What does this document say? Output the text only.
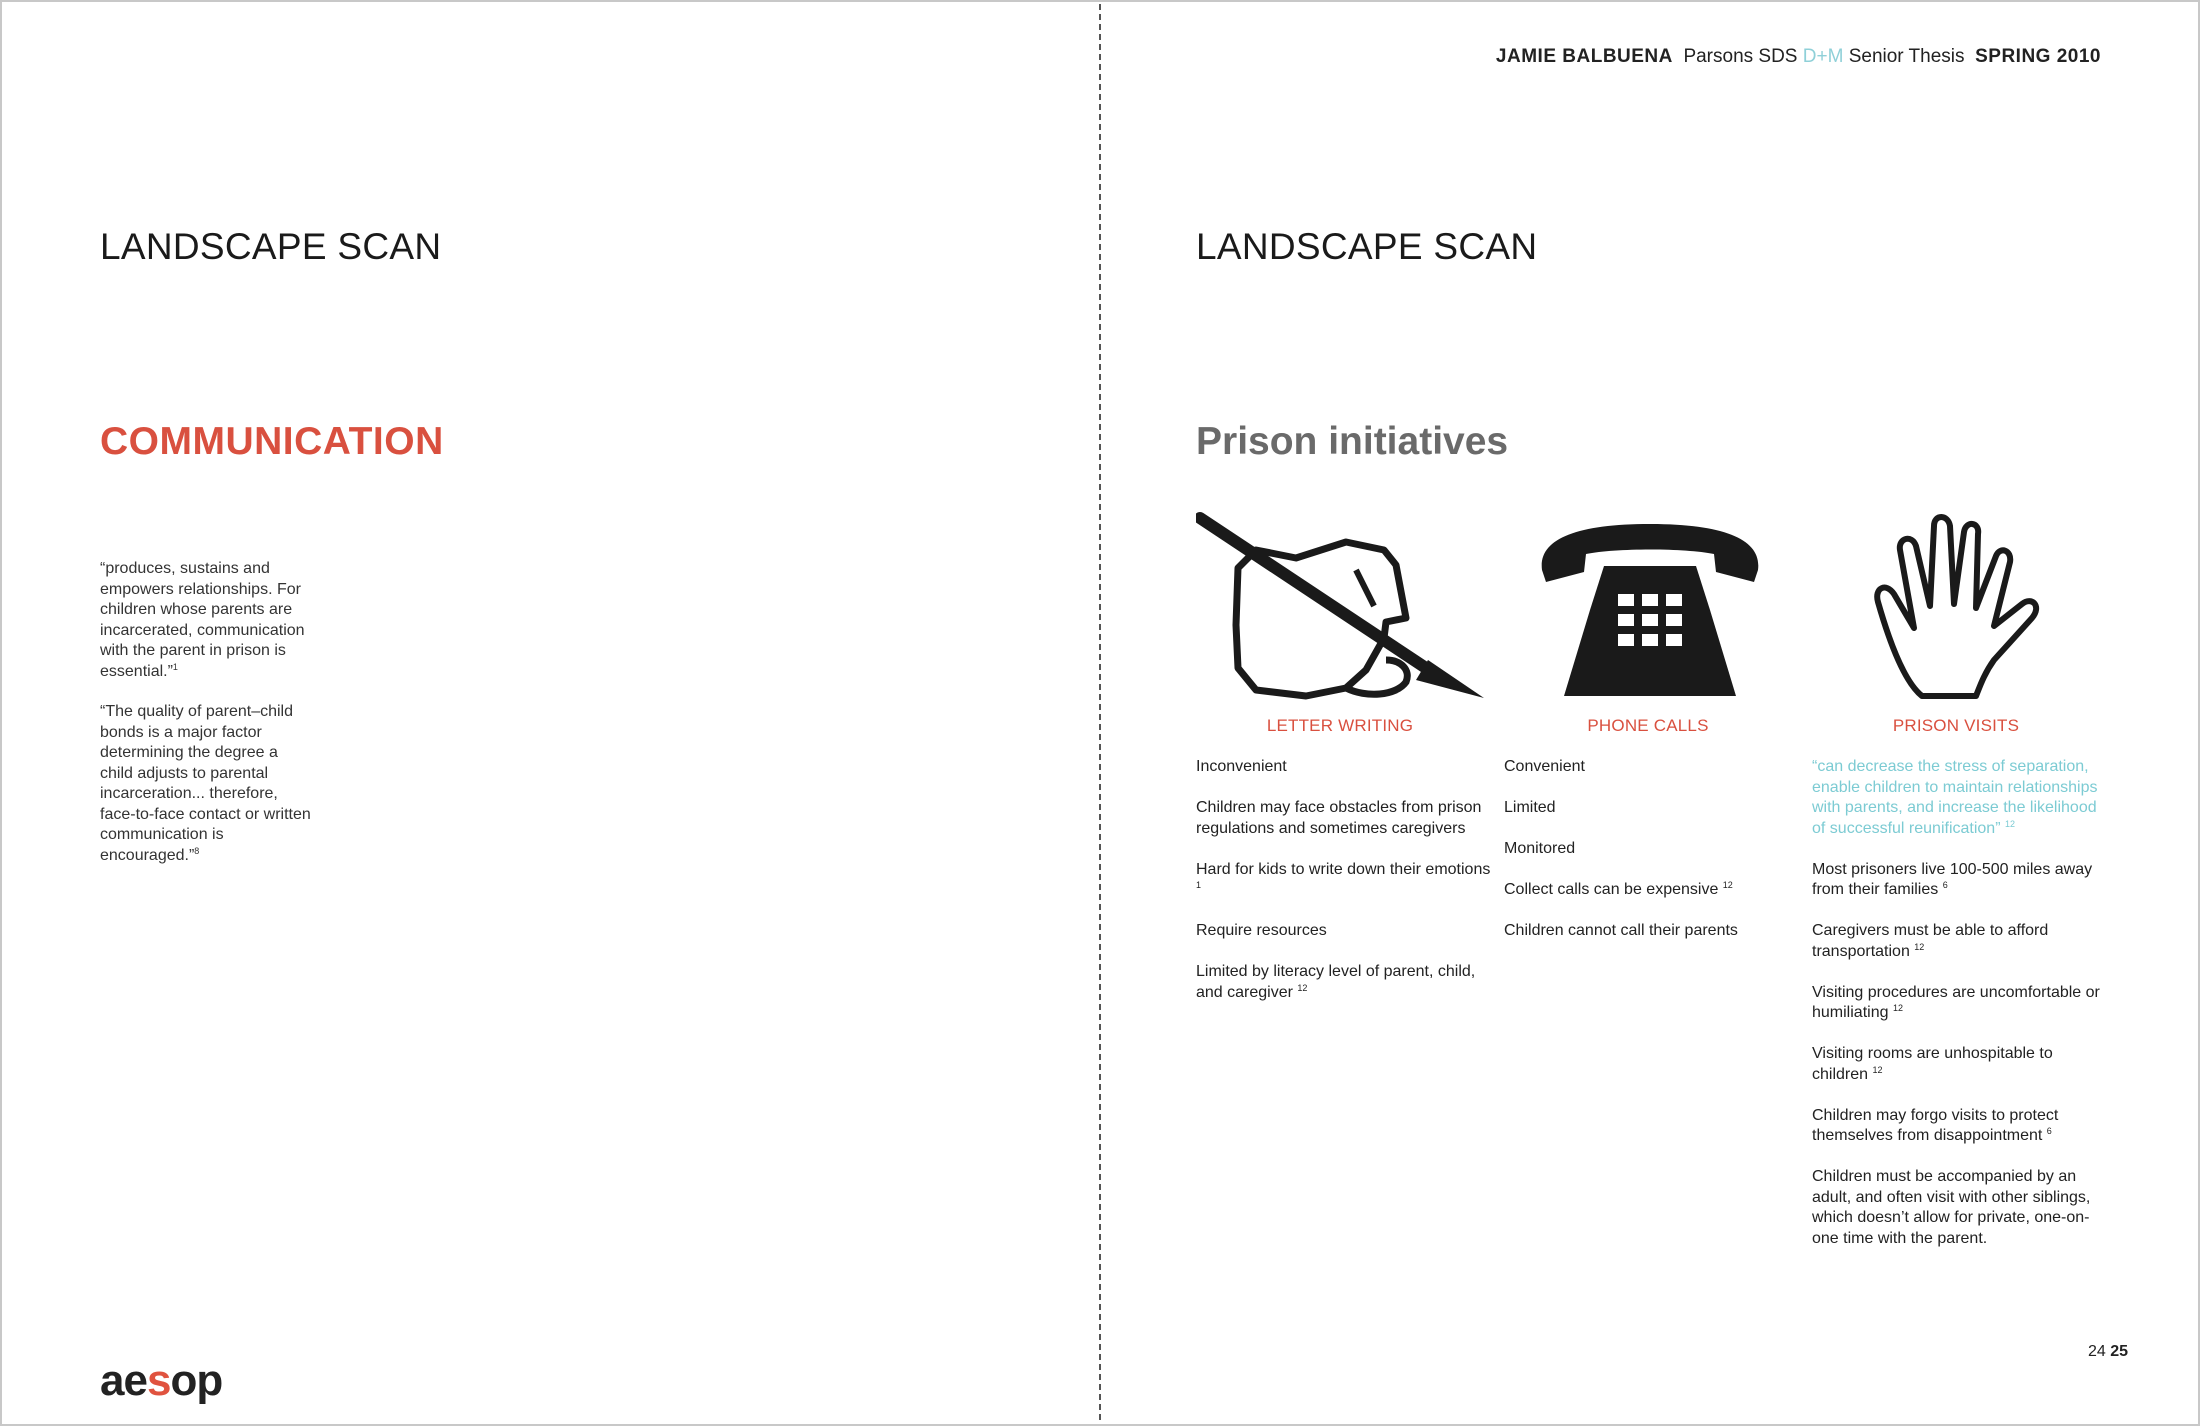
JAMIE BALBUENA Parsons SDS D+M Senior Thesis SPRING 2010
LANDSCAPE SCAN
COMMUNICATION
“produces, sustains and empowers relationships. For children whose parents are incarcerated, communication with the parent in prison is essential.”$^1$
“The quality of parent–child bonds is a major factor determining the degree a child adjusts to parental incarceration... therefore, face-to-face contact or written communication is encouraged.”$^8$
aesop
LANDSCAPE SCAN
Prison initiatives
LETTER WRITING
Inconvenient
Children may face obstacles from prison regulations and sometimes caregivers
Hard for kids to write down their emotions $^1$
Require resources
Limited by literacy level of parent, child, and caregiver $^{12}$
PHONE CALLS
Convenient
Limited
Monitored
Collect calls can be expensive $^{12}$
Children cannot call their parents
PRISON VISITS
“can decrease the stress of separation, enable children to maintain relationships with parents, and increase the likelihood of successful reunification” $^{12}$
Most prisoners live 100-500 miles away from their families $^6$
Caregivers must be able to afford transportation $^{12}$
Visiting procedures are uncomfortable or humiliating $^{12}$
Visiting rooms are unhospitable to children $^{12}$
Children may forgo visits to protect themselves from disappointment $^6$
Children must be accompanied by an adult, and often visit with other siblings, which doesn’t allow for private, one-on-one time with the parent.
24 25
